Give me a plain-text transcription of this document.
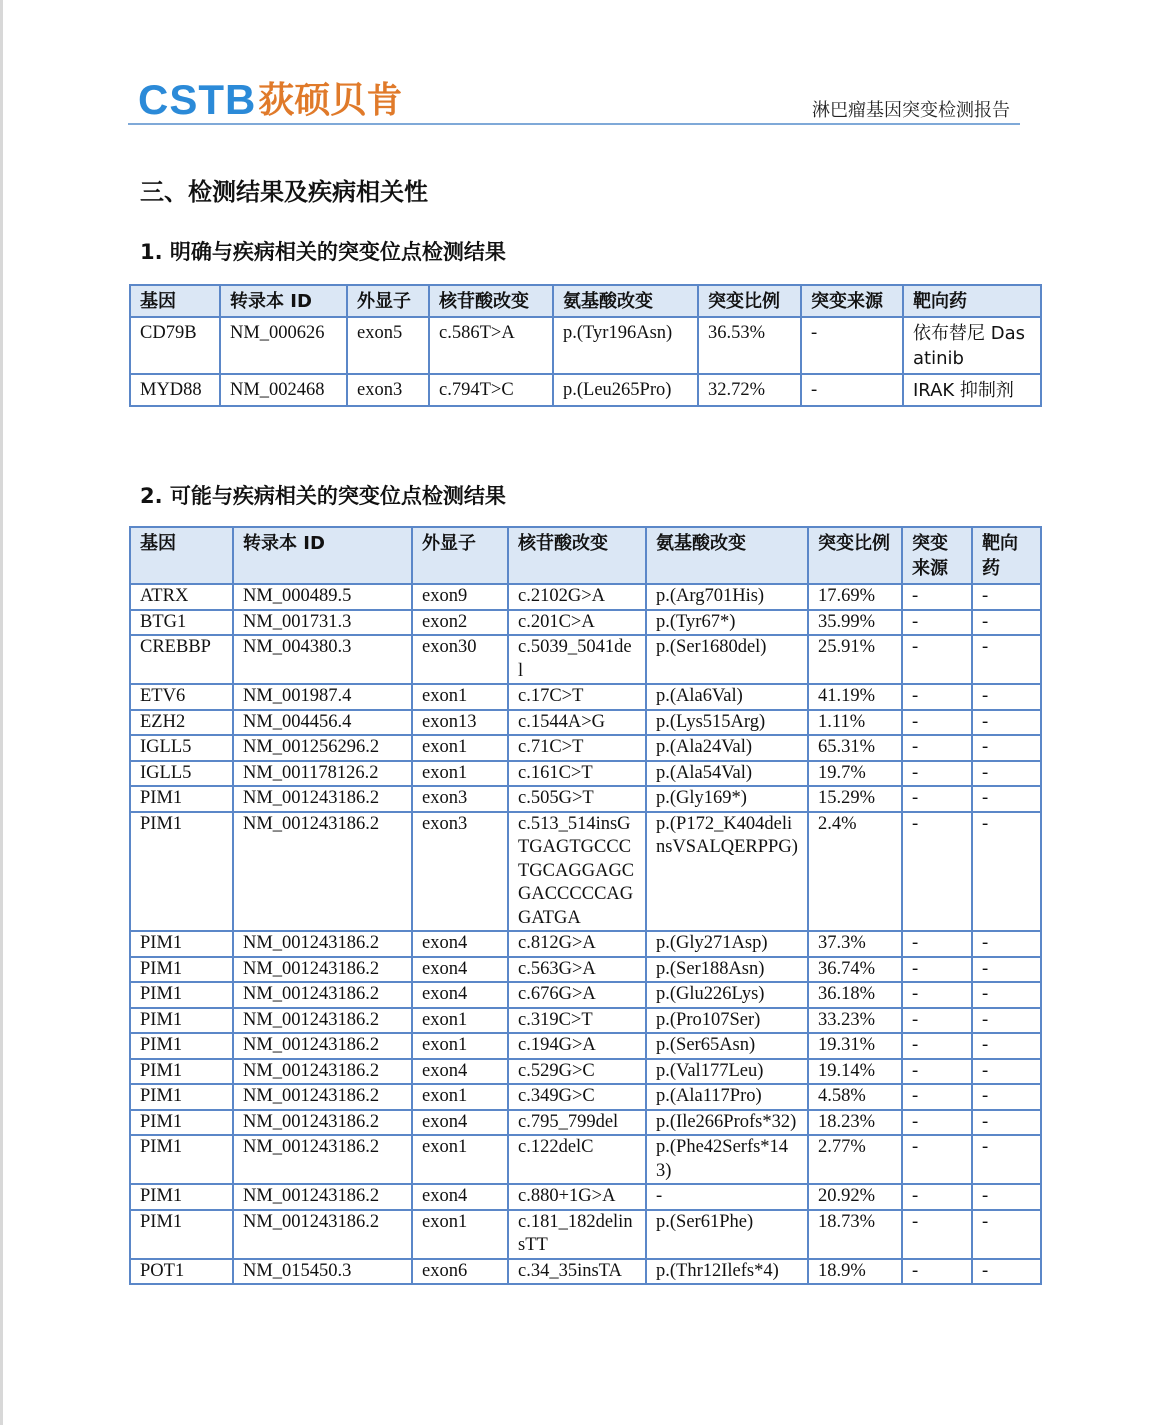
CSTB 荻硕贝肯	淋巴瘤基因突变检测报告
三、检测结果及疾病相关性
1. 明确与疾病相关的突变位点检测结果
基因	转录本 ID	外显子	核苷酸改变	氨基酸改变	突变比例	突变来源	靶向药
CD79B	NM_000626	exon5	c.586T>A	p.(Tyr196Asn)	36.53%	-	依布替尼 Dasatinib
MYD88	NM_002468	exon3	c.794T>C	p.(Leu265Pro)	32.72%	-	IRAK 抑制剂
2. 可能与疾病相关的突变位点检测结果
基因	转录本 ID	外显子	核苷酸改变	氨基酸改变	突变比例	突变来源	靶向药
ATRX	NM_000489.5	exon9	c.2102G>A	p.(Arg701His)	17.69%	-	-
BTG1	NM_001731.3	exon2	c.201C>A	p.(Tyr67*)	35.99%	-	-
CREBBP	NM_004380.3	exon30	c.5039_5041del	p.(Ser1680del)	25.91%	-	-
ETV6	NM_001987.4	exon1	c.17C>T	p.(Ala6Val)	41.19%	-	-
EZH2	NM_004456.4	exon13	c.1544A>G	p.(Lys515Arg)	1.11%	-	-
IGLL5	NM_001256296.2	exon1	c.71C>T	p.(Ala24Val)	65.31%	-	-
IGLL5	NM_001178126.2	exon1	c.161C>T	p.(Ala54Val)	19.7%	-	-
PIM1	NM_001243186.2	exon3	c.505G>T	p.(Gly169*)	15.29%	-	-
PIM1	NM_001243186.2	exon3	c.513_514insGTGAGTGCCCTGCAGGAGCGACCCCCAGGATGA	p.(P172_K404delinsVSALQERPPG)	2.4%	-	-
PIM1	NM_001243186.2	exon4	c.812G>A	p.(Gly271Asp)	37.3%	-	-
PIM1	NM_001243186.2	exon4	c.563G>A	p.(Ser188Asn)	36.74%	-	-
PIM1	NM_001243186.2	exon4	c.676G>A	p.(Glu226Lys)	36.18%	-	-
PIM1	NM_001243186.2	exon1	c.319C>T	p.(Pro107Ser)	33.23%	-	-
PIM1	NM_001243186.2	exon1	c.194G>A	p.(Ser65Asn)	19.31%	-	-
PIM1	NM_001243186.2	exon4	c.529G>C	p.(Val177Leu)	19.14%	-	-
PIM1	NM_001243186.2	exon1	c.349G>C	p.(Ala117Pro)	4.58%	-	-
PIM1	NM_001243186.2	exon4	c.795_799del	p.(Ile266Profs*32)	18.23%	-	-
PIM1	NM_001243186.2	exon1	c.122delC	p.(Phe42Serfs*143)	2.77%	-	-
PIM1	NM_001243186.2	exon4	c.880+1G>A	-	20.92%	-	-
PIM1	NM_001243186.2	exon1	c.181_182delinsTT	p.(Ser61Phe)	18.73%	-	-
POT1	NM_015450.3	exon6	c.34_35insTA	p.(Thr12Ilefs*4)	18.9%	-	-
